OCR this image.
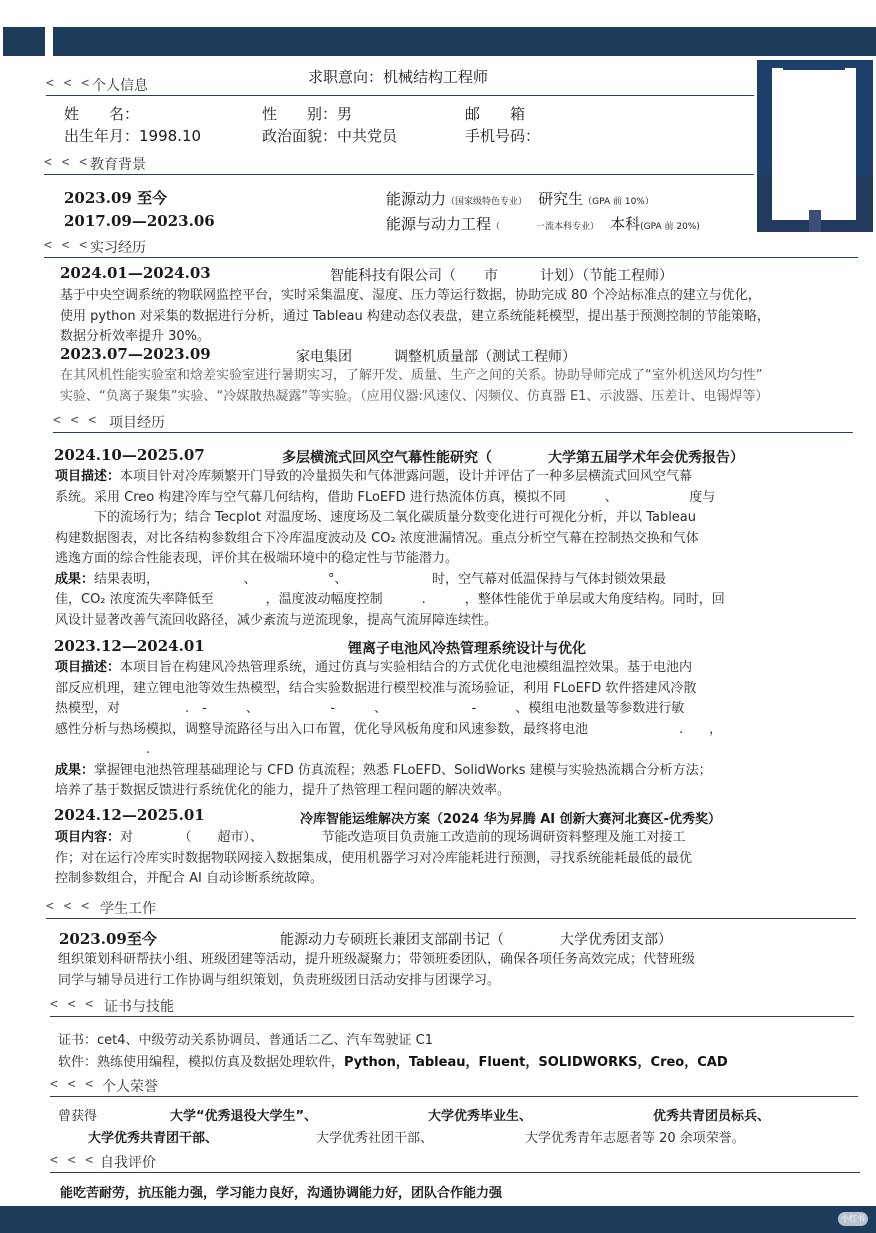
求职意向：机械结构工程师
< < < 个人信息
姓　　名：	性　　别：男	邮　　箱
出生年月：1998.10	政治面貌：中共党员	手机号码：
< < < 教育背景
2023.09 至今	能源动力（国家级特色专业） 研究生（GPA 前 10%）
2017.09—2023.06	能源与动力工程（　　　　一流本科专业） 本科(GPA 前 20%)
< < < 实习经历
2024.01—2024.03	智能科技有限公司（　　市　　　计划）（节能工程师）
基于中央空调系统的物联网监控平台，实时采集温度、湿度、压力等运行数据，协助完成 80 个冷站标准点的建立与优化，
使用 python 对采集的数据进行分析，通过 Tableau 构建动态仪表盘，建立系统能耗模型，提出基于预测控制的节能策略，
数据分析效率提升 30%。
2023.07—2023.09	家电集团　　　调整机质量部（测试工程师）
在其风机性能实验室和焓差实验室进行暑期实习，了解开发、质量、生产之间的关系。协助导师完成了“室外机送风均匀性”
实验、“负离子聚集”实验、“冷媒散热凝露”等实验。（应用仪器:风速仪、闪频仪、仿真器 E1、示波器、压差计、电锡焊等）
< < < 项目经历
2024.10—2025.07	多层横流式回风空气幕性能研究（　　　　大学第五届学术年会优秀报告）
项目描述：本项目针对冷库频繁开门导致的冷量损失和气体泄露问题，设计并评估了一种多层横流式回风空气幕
系统。采用 Creo 构建冷库与空气幕几何结构，借助 FLoEFD 进行热流体仿真，模拟不同　　　、　　　　　　度与
　　　下的流场行为；结合 Tecplot 对温度场、速度场及二氧化碳质量分数变化进行可视化分析，并以 Tableau
构建数据图表，对比各结构参数组合下冷库温度波动及 CO₂ 浓度泄漏情况。重点分析空气幕在控制热交换和气体
逃逸方面的综合性能表现，评价其在极端环境中的稳定性与节能潜力。
成果：结果表明，　　　　　　　、　　　　　　°、　　　　　　　时，空气幕对低温保持与气体封锁效果最
佳，CO₂ 浓度流失率降低至　　　　，温度波动幅度控制　　　.　　　，整体性能优于单层或大角度结构。同时，回
风设计显著改善气流回收路径，减少紊流与逆流现象，提高气流屏障连续性。
2023.12—2024.01	锂离子电池风冷热管理系统设计与优化
项目描述：本项目旨在构建风冷热管理系统，通过仿真与实验相结合的方式优化电池模组温控效果。基于电池内
部反应机理，建立锂电池等效生热模型，结合实验数据进行模型校准与流场验证，利用 FLoEFD 软件搭建风冷散
热模型，对　　　　　.　-　　　、　　　　　　-　　　、　　　　　　　-　　　、模组电池数量等参数进行敏
感性分析与热场模拟，调整导流路径与出入口布置，优化导风板角度和风速参数，最终将电池　　　　　　　.　　，
　　　　　　　.
成果：掌握锂电池热管理基础理论与 CFD 仿真流程；熟悉 FLoEFD、SolidWorks 建模与实验热流耦合分析方法；
培养了基于数据反馈进行系统优化的能力，提升了热管理工程问题的解决效率。
2024.12—2025.01	冷库智能运维解决方案（2024 华为昇腾 AI 创新大赛河北赛区-优秀奖）
项目内容：对　　　　（　　超市）、　　　　　节能改造项目负责施工改造前的现场调研资料整理及施工对接工
作；对在运行冷库实时数据物联网接入数据集成，使用机器学习对冷库能耗进行预测，寻找系统能耗最低的最优
控制参数组合，并配合 AI 自动诊断系统故障。
< < < 学生工作
2023.09至今	能源动力专硕班长兼团支部副书记（　　　　大学优秀团支部）
组织策划科研帮扶小组、班级团建等活动，提升班级凝聚力；带领班委团队，确保各项任务高效完成；代替班级
同学与辅导员进行工作协调与组织策划，负责班级团日活动安排与团课学习。
< < < 证书与技能
证书：cet4、中级劳动关系协调员、普通话二乙、汽车驾驶证 C1
软件：熟练使用编程，模拟仿真及数据处理软件，Python，Tableau，Fluent，SOLIDWORKS，Creo，CAD
< < < 个人荣誉
曾获得	大学“优秀退役大学生”、	大学优秀毕业生、	优秀共青团员标兵、
大学优秀共青团干部、	大学优秀社团干部、	大学优秀青年志愿者等 20 余项荣誉。
< < < 自我评价
能吃苦耐劳，抗压能力强，学习能力良好，沟通协调能力好，团队合作能力强
小红书
